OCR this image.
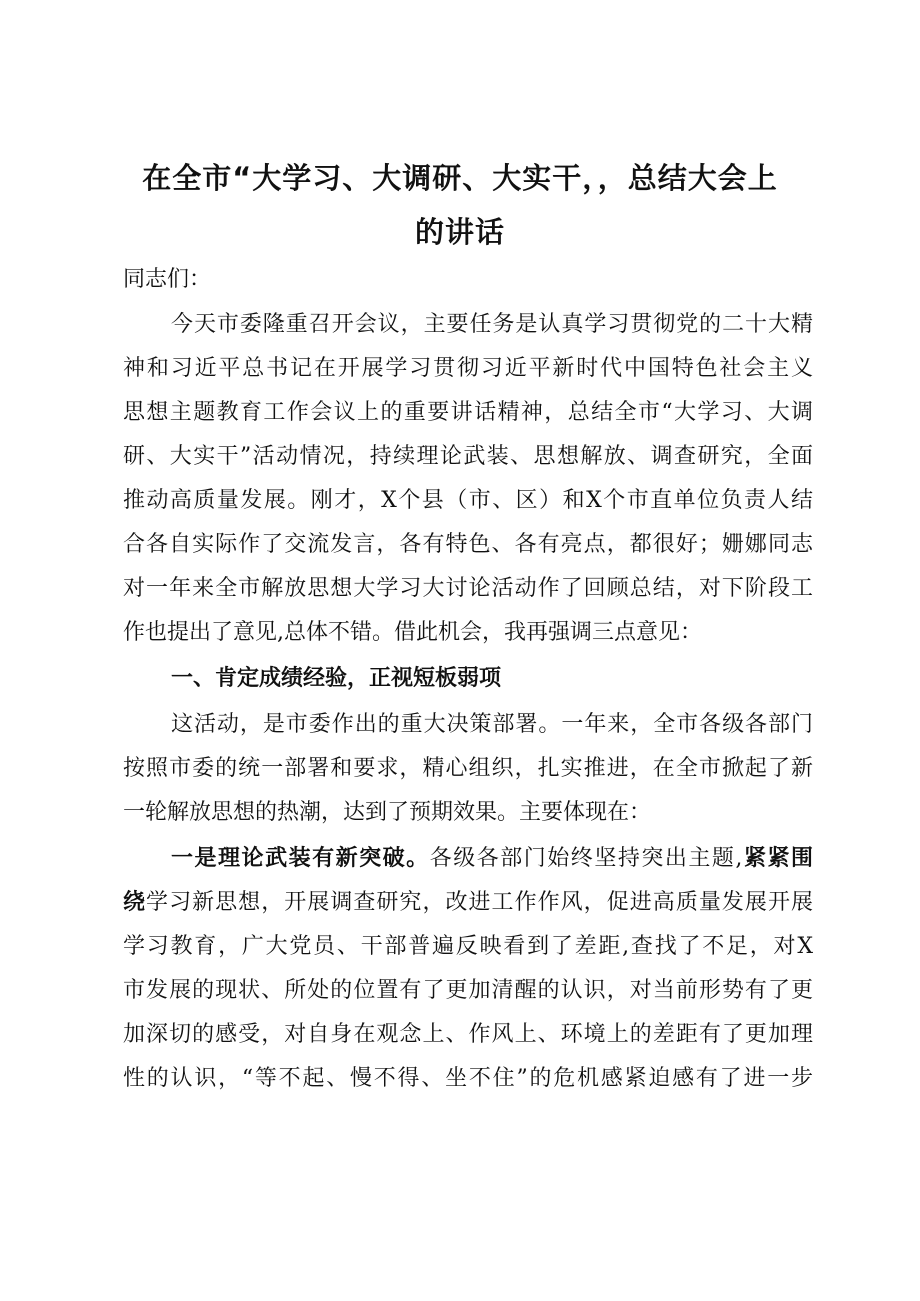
在全市“大学习、大调研、大实干，，总结大会上
的讲话
同志们：
今天市委隆重召开会议，主要任务是认真学习贯彻党的二十大精
神和习近平总书记在开展学习贯彻习近平新时代中国特色社会主义
思想主题教育工作会议上的重要讲话精神，总结全市“大学习、大调
研、大实干”活动情况，持续理论武装、思想解放、调查研究，全面
推动高质量发展。刚才，X个县（市、区）和X个市直单位负责人结
合各自实际作了交流发言，各有特色、各有亮点，都很好；姗娜同志
对一年来全市解放思想大学习大讨论活动作了回顾总结，对下阶段工
作也提出了意见,总体不错。借此机会，我再强调三点意见：
一、肯定成绩经验，正视短板弱项
这活动，是市委作出的重大决策部署。一年来，全市各级各部门
按照市委的统一部署和要求，精心组织，扎实推进，在全市掀起了新
一轮解放思想的热潮，达到了预期效果。主要体现在：
一是理论武装有新突破。各级各部门始终坚持突出主题,紧紧围
绕学习新思想，开展调查研究，改进工作作风，促进高质量发展开展
学习教育，广大党员、干部普遍反映看到了差距,查找了不足，对X
市发展的现状、所处的位置有了更加清醒的认识，对当前形势有了更
加深切的感受，对自身在观念上、作风上、环境上的差距有了更加理
性的认识，“等不起、慢不得、坐不住”的危机感紧迫感有了进一步
